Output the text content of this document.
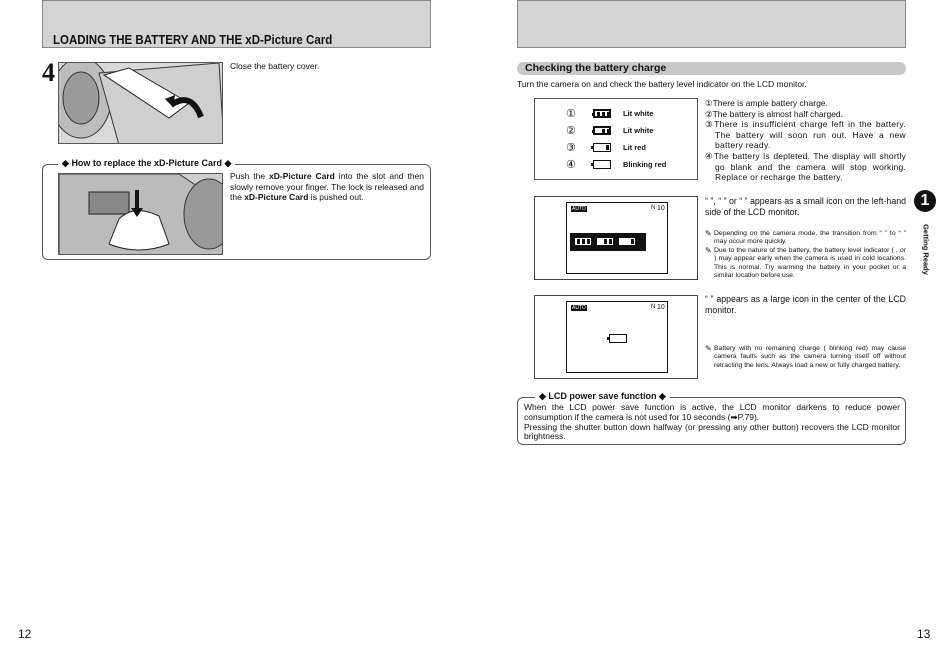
LOADING THE BATTERY AND THE xD-Picture Card
4	Close the battery cover.
◆ How to replace the xD-Picture Card ◆
Push the xD-Picture Card into the slot and then slowly remove your finger. The lock is released and the xD-Picture Card is pushed out.
12
Checking the battery charge
Turn the camera on and check the battery level indicator on the LCD monitor.
①	Lit white
②	Lit white
③	Lit red
④	Blinking red
①There is ample battery charge.
②The battery is almost half charged.
③There is insufficient charge left in the battery. The battery will soon run out. Have a new battery ready.
④The battery is depleted. The display will shortly go blank and the camera will stop working. Replace or recharge the battery.
AUTO	N 10
“ ”, “ ” or “ ” appears as a small icon on the left-hand side of the LCD monitor.
✎ Depending on the camera mode, the transition from “ ” to “ ” may occur more quickly.
✎ Due to the nature of the battery, the battery level indicator ( , or ) may appear early when the camera is used in cold locations. This is normal. Try warming the battery in your pocket or a similar location before use.
AUTO	N 10
“ ” appears as a large icon in the center of the LCD monitor.
✎ Battery with no remaining charge ( blinking red) may cause camera faults such as the camera turning itself off without retracting the lens. Always load a new or fully charged battery.
◆ LCD power save function ◆
When the LCD power save function is active, the LCD monitor darkens to reduce power consumption if the camera is not used for 10 seconds (➡P.79).
Pressing the shutter button down halfway (or pressing any other button) recovers the LCD monitor brightness.
1
Getting Ready
13
